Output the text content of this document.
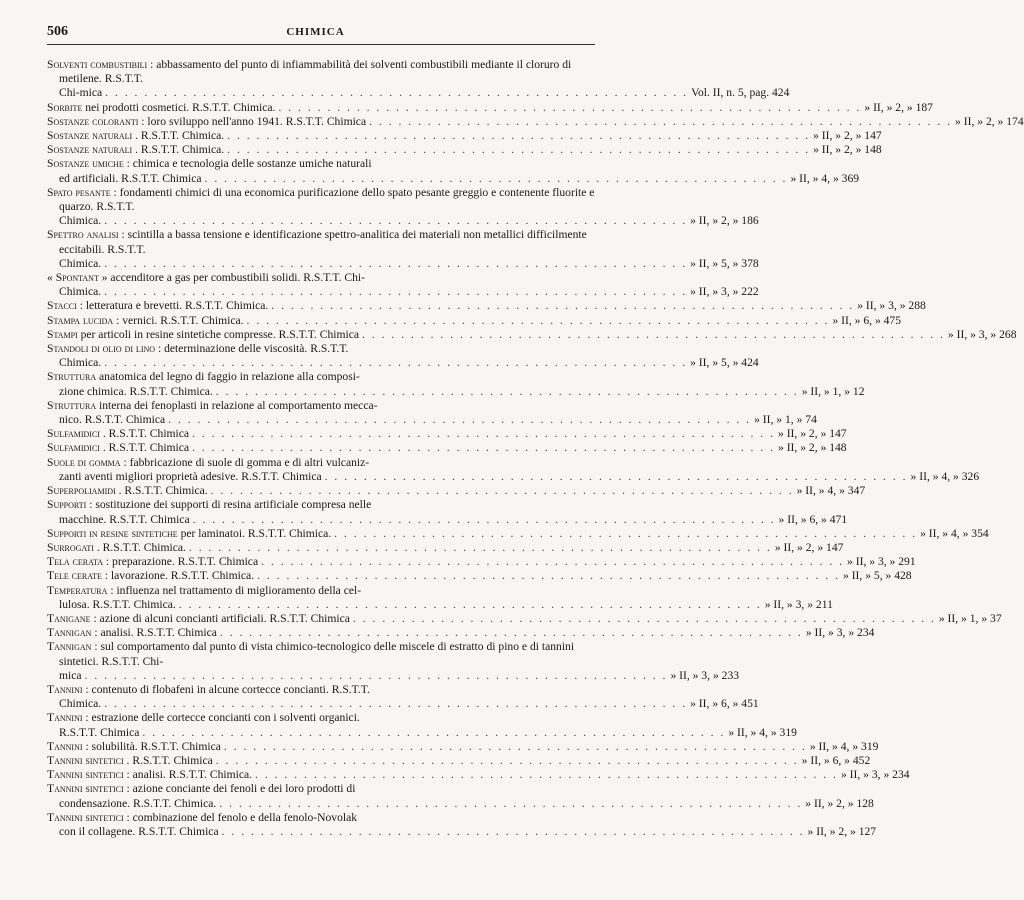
506	CHIMICA
Solventi combustibili : abbassamento del punto di infiammabilità dei solventi combustibili mediante il cloruro di metilene. R.S.T.T.
Chi-mica . . . . . . . . . . . . . . . . . . . . . . . . . . . . . . . . . . . . . . . . . . . . . . . . . . . . . . . . . . . . Vol. II, n. 5, pag. 424
Sorbite nei prodotti cosmetici. R.S.T.T. Chimica. . . . . . . . . . . . . . . . . . . . . . . . . . . . . . . . . . . . . . . . . . . . . . . . . . . . . . . . . . . . . » II, » 2, » 187
Sostanze coloranti : loro sviluppo nell'anno 1941. R.S.T.T. Chimica . . . . . . . . . . . . . . . . . . . . . . . . . . . . . . . . . . . . . . . . . . . . . . . . . . . . . . . . . . . . » II, » 2, » 174
Sostanze naturali . R.S.T.T. Chimica. . . . . . . . . . . . . . . . . . . . . . . . . . . . . . . . . . . . . . . . . . . . . . . . . . . . . . . . . . . . . » II, » 2, » 147
Sostanze naturali . R.S.T.T. Chimica. . . . . . . . . . . . . . . . . . . . . . . . . . . . . . . . . . . . . . . . . . . . . . . . . . . . . . . . . . . . . » II, » 2, » 148
Sostanze umiche : chimica e tecnologia delle sostanze umiche naturali
ed artificiali. R.S.T.T. Chimica . . . . . . . . . . . . . . . . . . . . . . . . . . . . . . . . . . . . . . . . . . . . . . . . . . . . . . . . . . . . » II, » 4, » 369
Spato pesante : fondamenti chimici di una economica purificazione dello spato pesante greggio e contenente fluorite e quarzo. R.S.T.T.
Chimica. . . . . . . . . . . . . . . . . . . . . . . . . . . . . . . . . . . . . . . . . . . . . . . . . . . . . . . . . . . . . » II, » 2, » 186
Spettro analisi : scintilla a bassa tensione e identificazione spettro-analitica dei materiali non metallici difficilmente eccitabili. R.S.T.T.
Chimica. . . . . . . . . . . . . . . . . . . . . . . . . . . . . . . . . . . . . . . . . . . . . . . . . . . . . . . . . . . . . » II, » 5, » 378
« Spontant » accenditore a gas per combustibili solidi. R.S.T.T. Chi-
Chimica. . . . . . . . . . . . . . . . . . . . . . . . . . . . . . . . . . . . . . . . . . . . . . . . . . . . . . . . . . . . . » II, » 3, » 222
Stacci : letteratura e brevetti. R.S.T.T. Chimica. . . . . . . . . . . . . . . . . . . . . . . . . . . . . . . . . . . . . . . . . . . . . . . . . . . . . . . . . . . . . » II, » 3, » 288
Stampa lucida : vernici. R.S.T.T. Chimica. . . . . . . . . . . . . . . . . . . . . . . . . . . . . . . . . . . . . . . . . . . . . . . . . . . . . . . . . . . . . » II, » 6, » 475
Stampi per articoli in resine sintetiche compresse. R.S.T.T. Chimica . . . . . . . . . . . . . . . . . . . . . . . . . . . . . . . . . . . . . . . . . . . . . . . . . . . . . . . . . . . . » II, » 3, » 268
Standoli di olio di lino : determinazione delle viscosità. R.S.T.T.
Chimica. . . . . . . . . . . . . . . . . . . . . . . . . . . . . . . . . . . . . . . . . . . . . . . . . . . . . . . . . . . . . » II, » 5, » 424
Struttura anatomica del legno di faggio in relazione alla composi-
zione chimica. R.S.T.T. Chimica. . . . . . . . . . . . . . . . . . . . . . . . . . . . . . . . . . . . . . . . . . . . . . . . . . . . . . . . . . . . . » II, » 1, » 12
Struttura interna dei fenoplasti in relazione al comportamento mecca-
nico. R.S.T.T. Chimica . . . . . . . . . . . . . . . . . . . . . . . . . . . . . . . . . . . . . . . . . . . . . . . . . . . . . . . . . . . . » II, » 1, » 74
Sulfamidici . R.S.T.T. Chimica . . . . . . . . . . . . . . . . . . . . . . . . . . . . . . . . . . . . . . . . . . . . . . . . . . . . . . . . . . . . » II, » 2, » 147
Sulfamidici . R.S.T.T. Chimica . . . . . . . . . . . . . . . . . . . . . . . . . . . . . . . . . . . . . . . . . . . . . . . . . . . . . . . . . . . . » II, » 2, » 148
Suole di gomma : fabbricazione di suole di gomma e di altri vulcaniz-
zanti aventi migliori proprietà adesive. R.S.T.T. Chimica . . . . . . . . . . . . . . . . . . . . . . . . . . . . . . . . . . . . . . . . . . . . . . . . . . . . . . . . . . . . » II, » 4, » 326
Superpoliamidi . R.S.T.T. Chimica. . . . . . . . . . . . . . . . . . . . . . . . . . . . . . . . . . . . . . . . . . . . . . . . . . . . . . . . . . . . . » II, » 4, » 347
Supporti : sostituzione dei supporti di resina artificiale compresa nelle
macchine. R.S.T.T. Chimica . . . . . . . . . . . . . . . . . . . . . . . . . . . . . . . . . . . . . . . . . . . . . . . . . . . . . . . . . . . . » II, » 6, » 471
Supporti in resine sintetiche per laminatoi. R.S.T.T. Chimica. . . . . . . . . . . . . . . . . . . . . . . . . . . . . . . . . . . . . . . . . . . . . . . . . . . . . . . . . . . . . » II, » 4, » 354
Surrogati . R.S.T.T. Chimica. . . . . . . . . . . . . . . . . . . . . . . . . . . . . . . . . . . . . . . . . . . . . . . . . . . . . . . . . . . . . » II, » 2, » 147
Tela cerata : preparazione. R.S.T.T. Chimica . . . . . . . . . . . . . . . . . . . . . . . . . . . . . . . . . . . . . . . . . . . . . . . . . . . . . . . . . . . . » II, » 3, » 291
Tele cerate : lavorazione. R.S.T.T. Chimica. . . . . . . . . . . . . . . . . . . . . . . . . . . . . . . . . . . . . . . . . . . . . . . . . . . . . . . . . . . . . » II, » 5, » 428
Temperatura : influenza nel trattamento di miglioramento della cel-
lulosa. R.S.T.T. Chimica. . . . . . . . . . . . . . . . . . . . . . . . . . . . . . . . . . . . . . . . . . . . . . . . . . . . . . . . . . . . . » II, » 3, » 211
Tanigane : azione di alcuni concianti artificiali. R.S.T.T. Chimica . . . . . . . . . . . . . . . . . . . . . . . . . . . . . . . . . . . . . . . . . . . . . . . . . . . . . . . . . . . . » II, » 1, » 37
Tannigan : analisi. R.S.T.T. Chimica . . . . . . . . . . . . . . . . . . . . . . . . . . . . . . . . . . . . . . . . . . . . . . . . . . . . . . . . . . . . » II, » 3, » 234
Tannigan : sul comportamento dal punto di vista chimico-tecnologico delle miscele di estratto di pino e di tannini sintetici. R.S.T.T. Chi-
mica . . . . . . . . . . . . . . . . . . . . . . . . . . . . . . . . . . . . . . . . . . . . . . . . . . . . . . . . . . . . » II, » 3, » 233
Tannini : contenuto di flobafeni in alcune cortecce concianti. R.S.T.T.
Chimica. . . . . . . . . . . . . . . . . . . . . . . . . . . . . . . . . . . . . . . . . . . . . . . . . . . . . . . . . . . . . » II, » 6, » 451
Tannini : estrazione delle cortecce concianti con i solventi organici.
R.S.T.T. Chimica . . . . . . . . . . . . . . . . . . . . . . . . . . . . . . . . . . . . . . . . . . . . . . . . . . . . . . . . . . . . » II, » 4, » 319
Tannini : solubilità. R.S.T.T. Chimica . . . . . . . . . . . . . . . . . . . . . . . . . . . . . . . . . . . . . . . . . . . . . . . . . . . . . . . . . . . . » II, » 4, » 319
Tannini sintetici . R.S.T.T. Chimica . . . . . . . . . . . . . . . . . . . . . . . . . . . . . . . . . . . . . . . . . . . . . . . . . . . . . . . . . . . . » II, » 6, » 452
Tannini sintetici : analisi. R.S.T.T. Chimica. . . . . . . . . . . . . . . . . . . . . . . . . . . . . . . . . . . . . . . . . . . . . . . . . . . . . . . . . . . . . » II, » 3, » 234
Tannini sintetici : azione conciante dei fenoli e dei loro prodotti di
condensazione. R.S.T.T. Chimica. . . . . . . . . . . . . . . . . . . . . . . . . . . . . . . . . . . . . . . . . . . . . . . . . . . . . . . . . . . . . » II, » 2, » 128
Tannini sintetici : combinazione del fenolo e della fenolo-Novolak
con il collagene. R.S.T.T. Chimica . . . . . . . . . . . . . . . . . . . . . . . . . . . . . . . . . . . . . . . . . . . . . . . . . . . . . . . . . . . . » II, » 2, » 127
